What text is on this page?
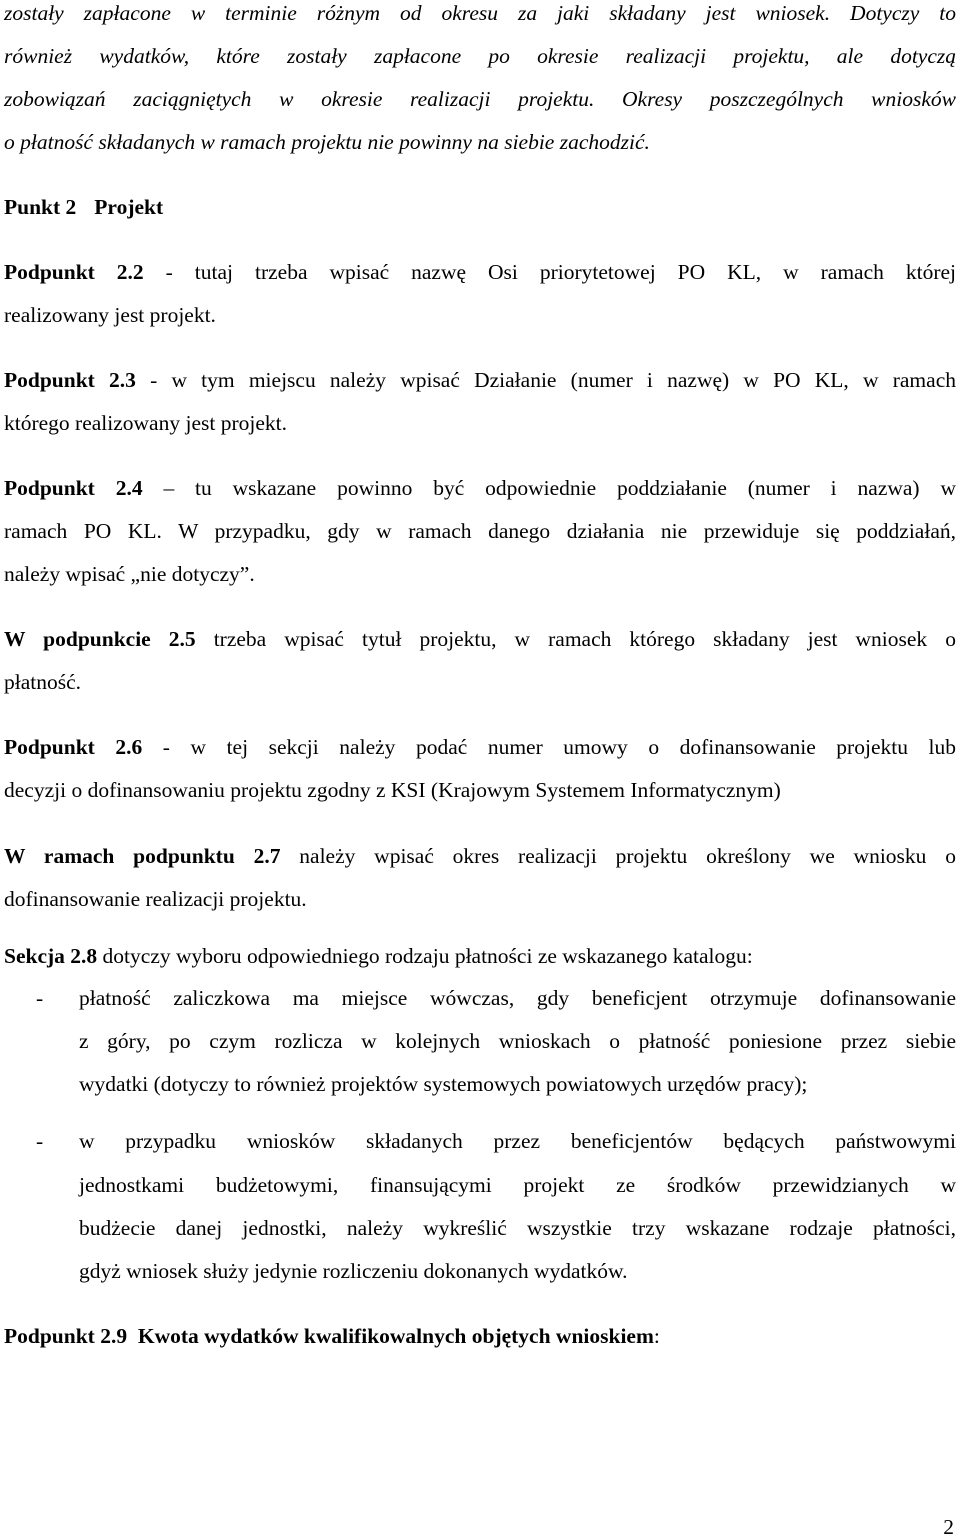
zostały zapłacone w terminie różnym od okresu za jaki składany jest wniosek. Dotyczy to
również wydatków, które zostały zapłacone po okresie realizacji projektu, ale dotyczą
zobowiązań zaciągniętych w okresie realizacji projektu. Okresy poszczególnych wniosków
o płatność składanych w ramach projektu nie powinny na siebie zachodzić.
Punkt 2 Projekt
Podpunkt 2.2 - tutaj trzeba wpisać nazwę Osi priorytetowej PO KL, w ramach której
realizowany jest projekt.
Podpunkt 2.3 - w tym miejscu należy wpisać Działanie (numer i nazwę) w PO KL, w ramach
którego realizowany jest projekt.
Podpunkt 2.4 – tu wskazane powinno być odpowiednie poddziałanie (numer i nazwa) w
ramach PO KL. W przypadku, gdy w ramach danego działania nie przewiduje się poddziałań,
należy wpisać „nie dotyczy”.
W podpunkcie 2.5 trzeba wpisać tytuł projektu, w ramach którego składany jest wniosek o
płatność.
Podpunkt 2.6 - w tej sekcji należy podać numer umowy o dofinansowanie projektu lub
decyzji o dofinansowaniu projektu zgodny z KSI (Krajowym Systemem Informatycznym)
W ramach podpunktu 2.7 należy wpisać okres realizacji projektu określony we wniosku o
dofinansowanie realizacji projektu.
Sekcja 2.8 dotyczy wyboru odpowiedniego rodzaju płatności ze wskazanego katalogu:
- płatność zaliczkowa ma miejsce wówczas, gdy beneficjent otrzymuje dofinansowanie
z góry, po czym rozlicza w kolejnych wnioskach o płatność poniesione przez siebie
wydatki (dotyczy to również projektów systemowych powiatowych urzędów pracy);
- w przypadku wniosków składanych przez beneficjentów będących państwowymi
jednostkami budżetowymi, finansującymi projekt ze środków przewidzianych w
budżecie danej jednostki, należy wykreślić wszystkie trzy wskazane rodzaje płatności,
gdyż wniosek służy jedynie rozliczeniu dokonanych wydatków.
Podpunkt 2.9 Kwota wydatków kwalifikowalnych objętych wnioskiem:
2
